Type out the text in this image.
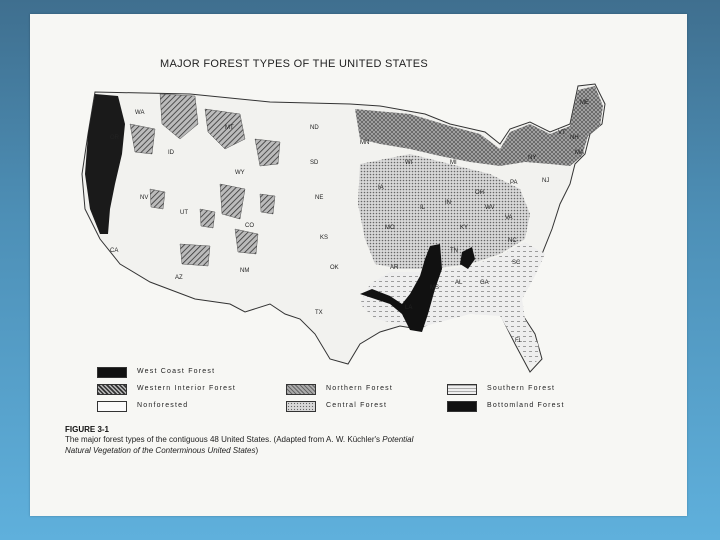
MAJOR FOREST TYPES OF THE UNITED STATES
WA
OR
CA
ID
MT
WY
NV
UT
CO
AZ
NM
ND
SD
NE
KS
OK
TX
MN
IA
MO
AR
LA
WI	MI
IL
IN
OH
KY
TN
MS
AL	GA
FL
SC
NC
VA
WV
PA
NY
NJ
ME
VT
NH
MA
West Coast Forest
Western Interior Forest
Nonforested
Northern Forest
Central Forest
Southern Forest
Bottomland Forest
FIGURE 3-1
The major forest types of the contiguous 48 United States. (Adapted from A. W. Küchler's Potential
Natural Vegetation of the Conterminous United States)
